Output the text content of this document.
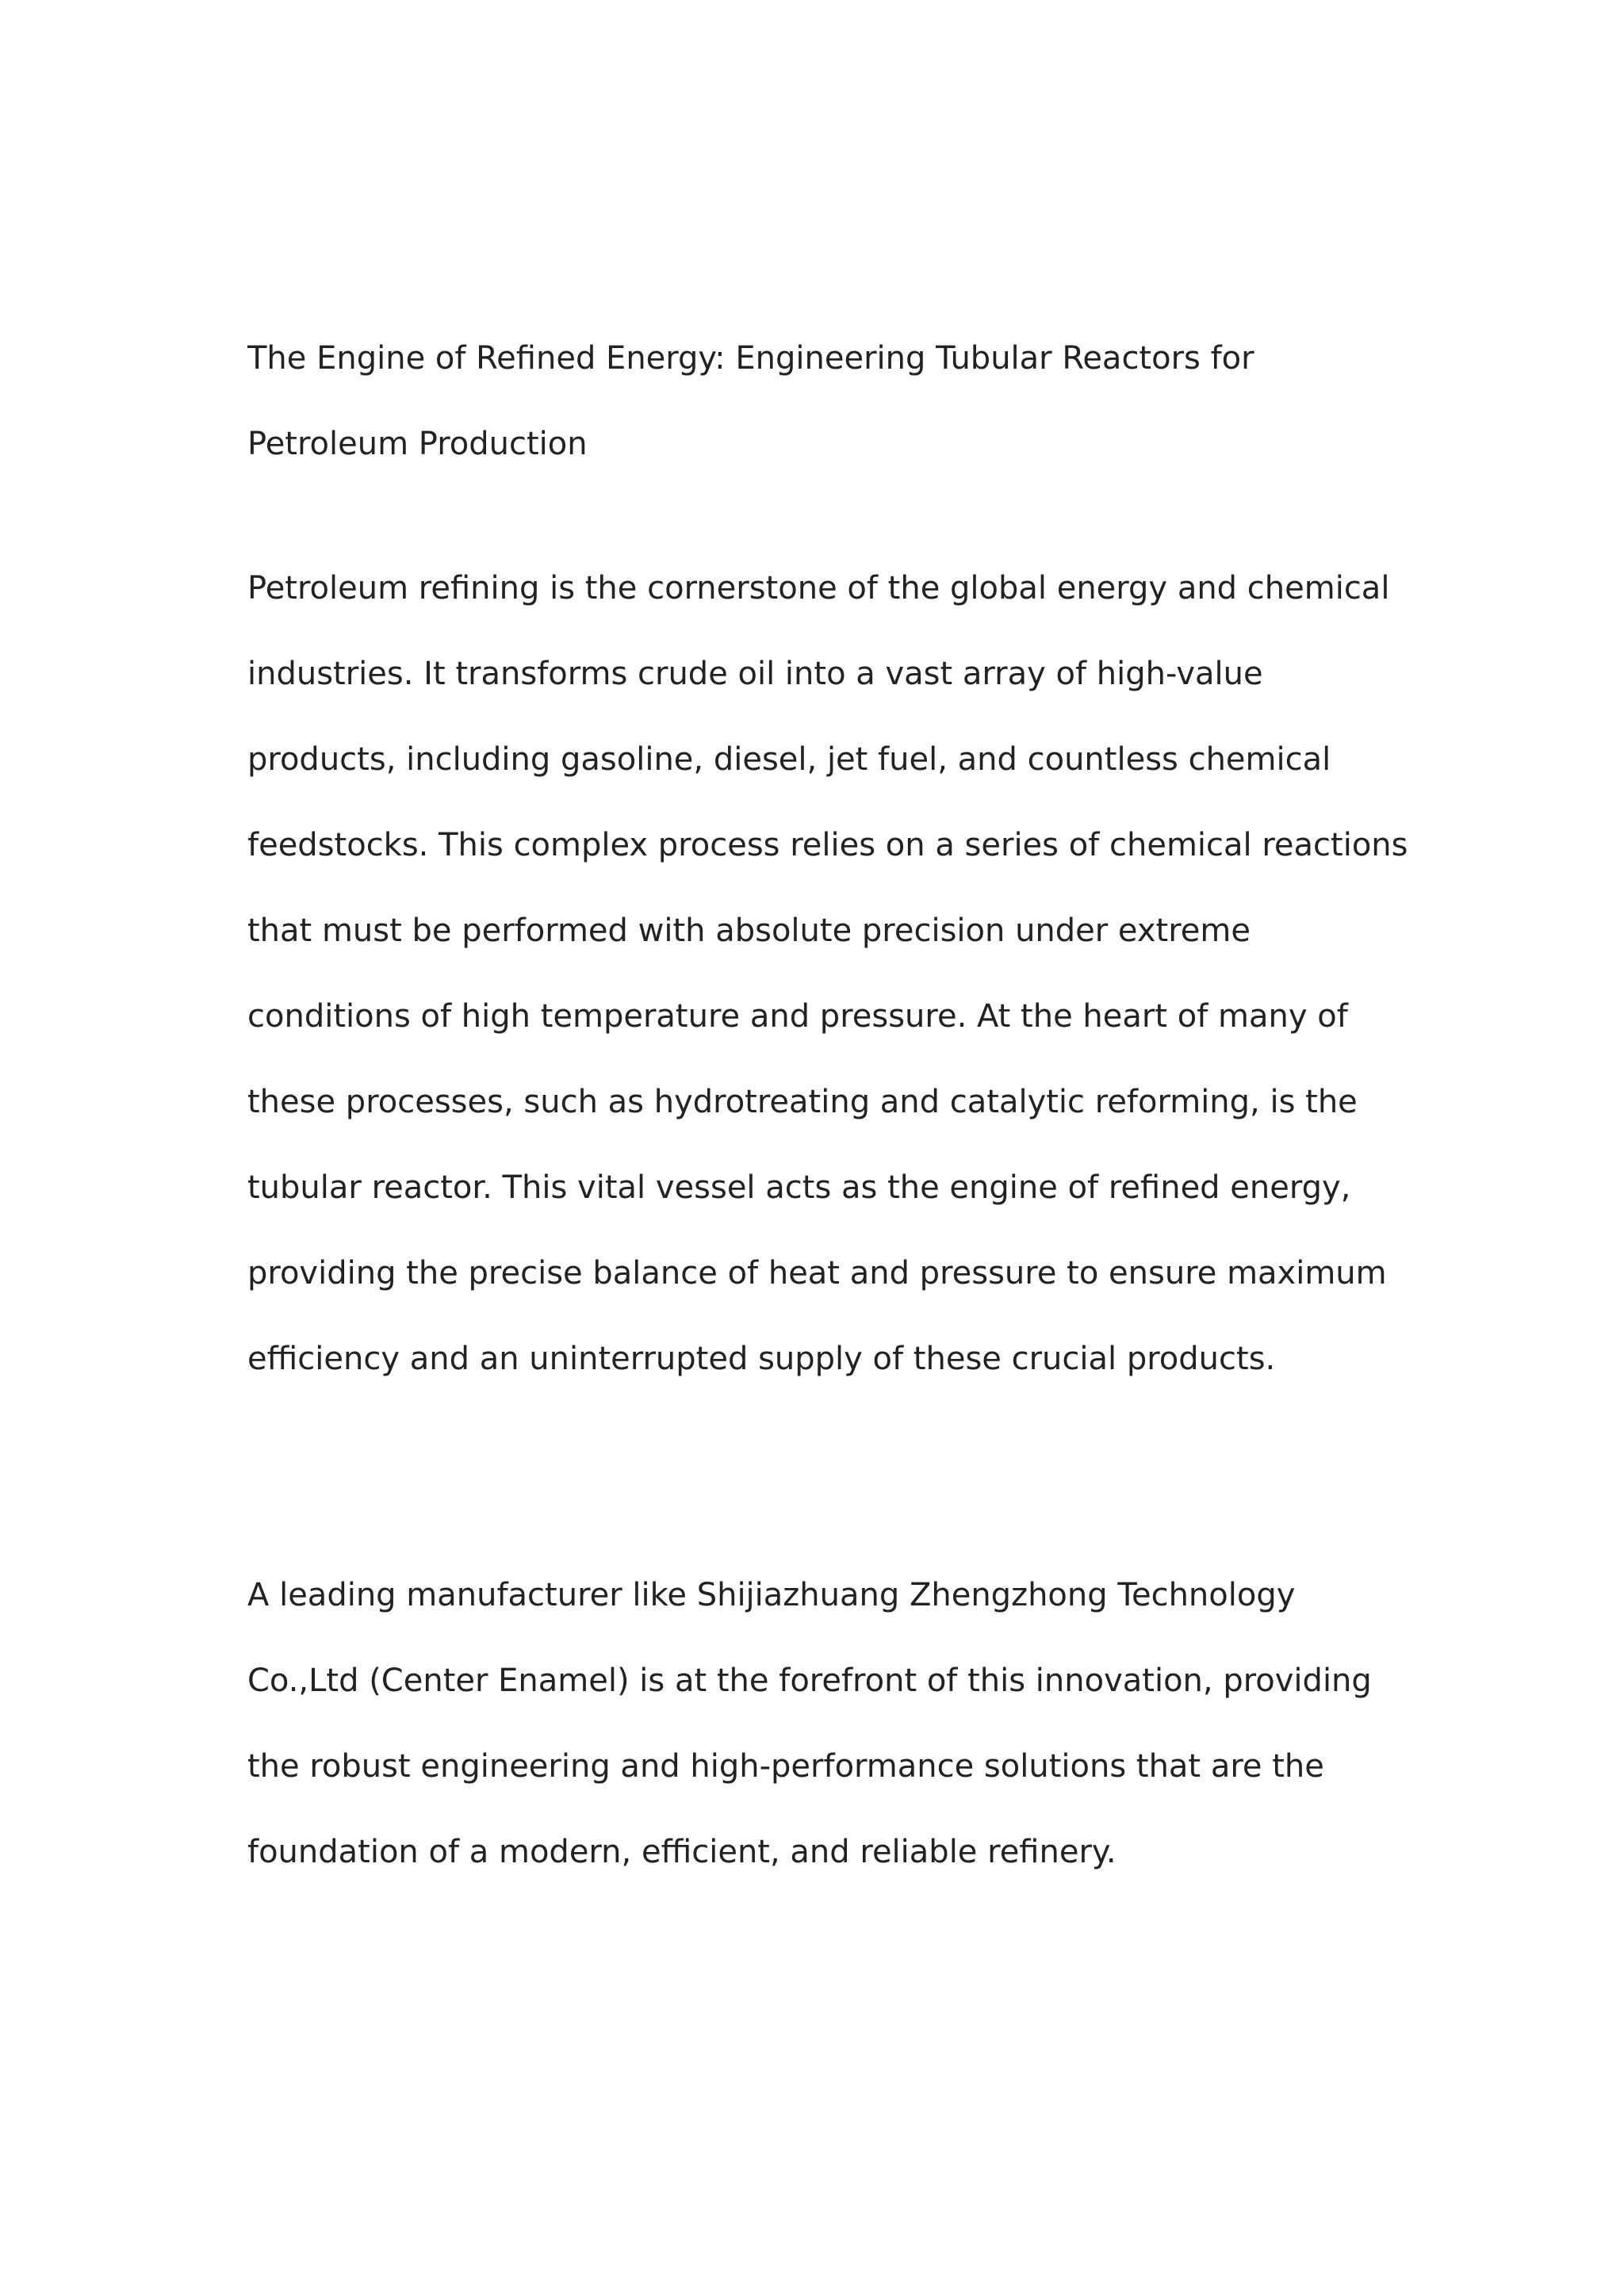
The Engine of Refined Energy: Engineering Tubular Reactors for
Petroleum Production
Petroleum refining is the cornerstone of the global energy and chemical
industries. It transforms crude oil into a vast array of high-value
products, including gasoline, diesel, jet fuel, and countless chemical
feedstocks. This complex process relies on a series of chemical reactions
that must be performed with absolute precision under extreme
conditions of high temperature and pressure. At the heart of many of
these processes, such as hydrotreating and catalytic reforming, is the
tubular reactor. This vital vessel acts as the engine of refined energy,
providing the precise balance of heat and pressure to ensure maximum
efficiency and an uninterrupted supply of these crucial products.
A leading manufacturer like Shijiazhuang Zhengzhong Technology
Co.,Ltd (Center Enamel) is at the forefront of this innovation, providing
the robust engineering and high-performance solutions that are the
foundation of a modern, efficient, and reliable refinery.
